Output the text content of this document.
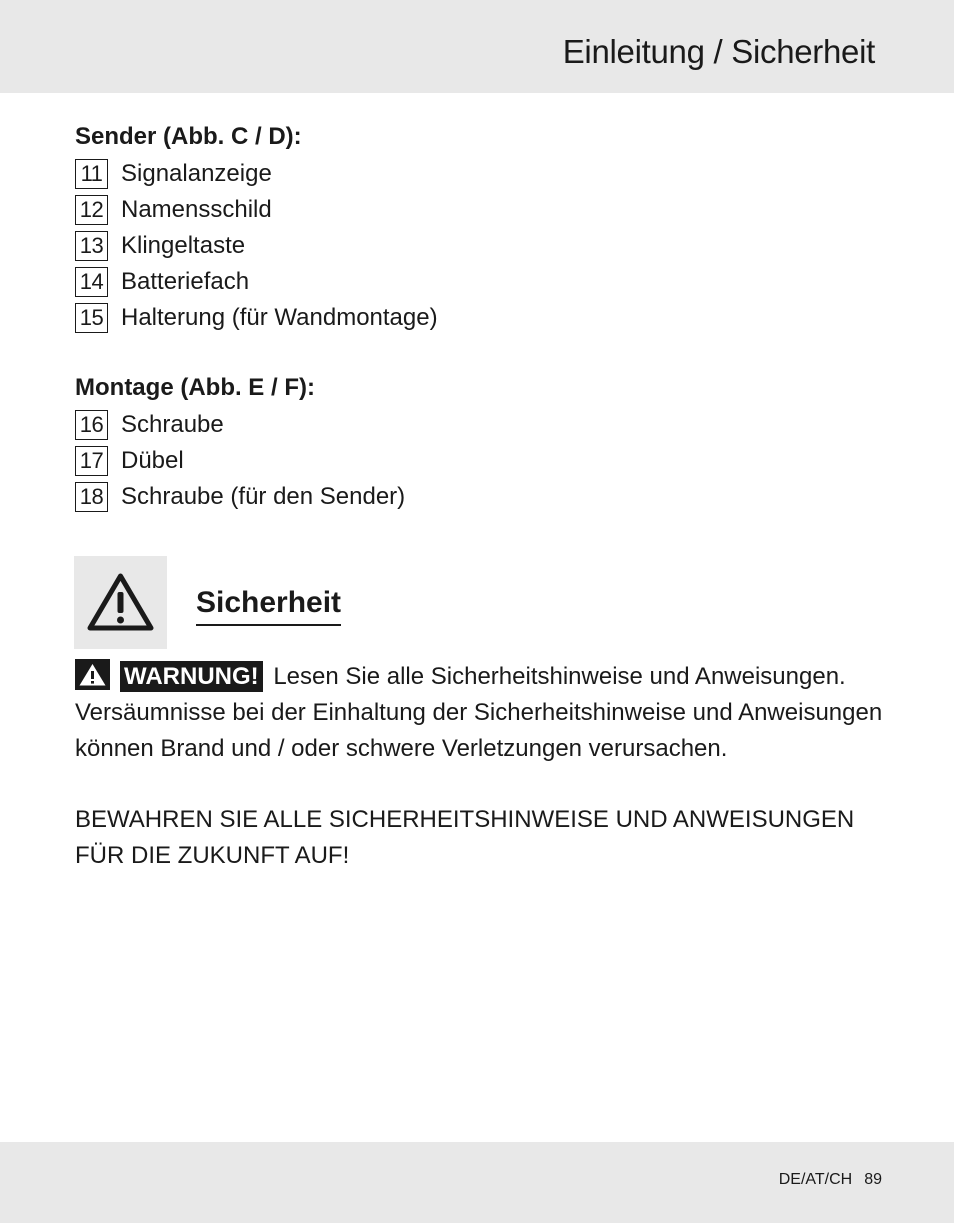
Einleitung / Sicherheit
Sender (Abb. C / D):
11 Signalanzeige
12 Namensschild
13 Klingeltaste
14 Batteriefach
15 Halterung (für Wandmontage)
Montage (Abb. E / F):
16 Schraube
17 Dübel
18 Schraube (für den Sender)
Sicherheit
WARNUNG! Lesen Sie alle Sicherheitshinweise und Anweisungen. Versäumnisse bei der Einhaltung der Sicherheitshinweise und Anweisungen können Brand und / oder schwere Verletzungen verursachen.
BEWAHREN SIE ALLE SICHERHEITSHINWEISE UND ANWEISUNGEN FÜR DIE ZUKUNFT AUF!
DE/AT/CH 89
